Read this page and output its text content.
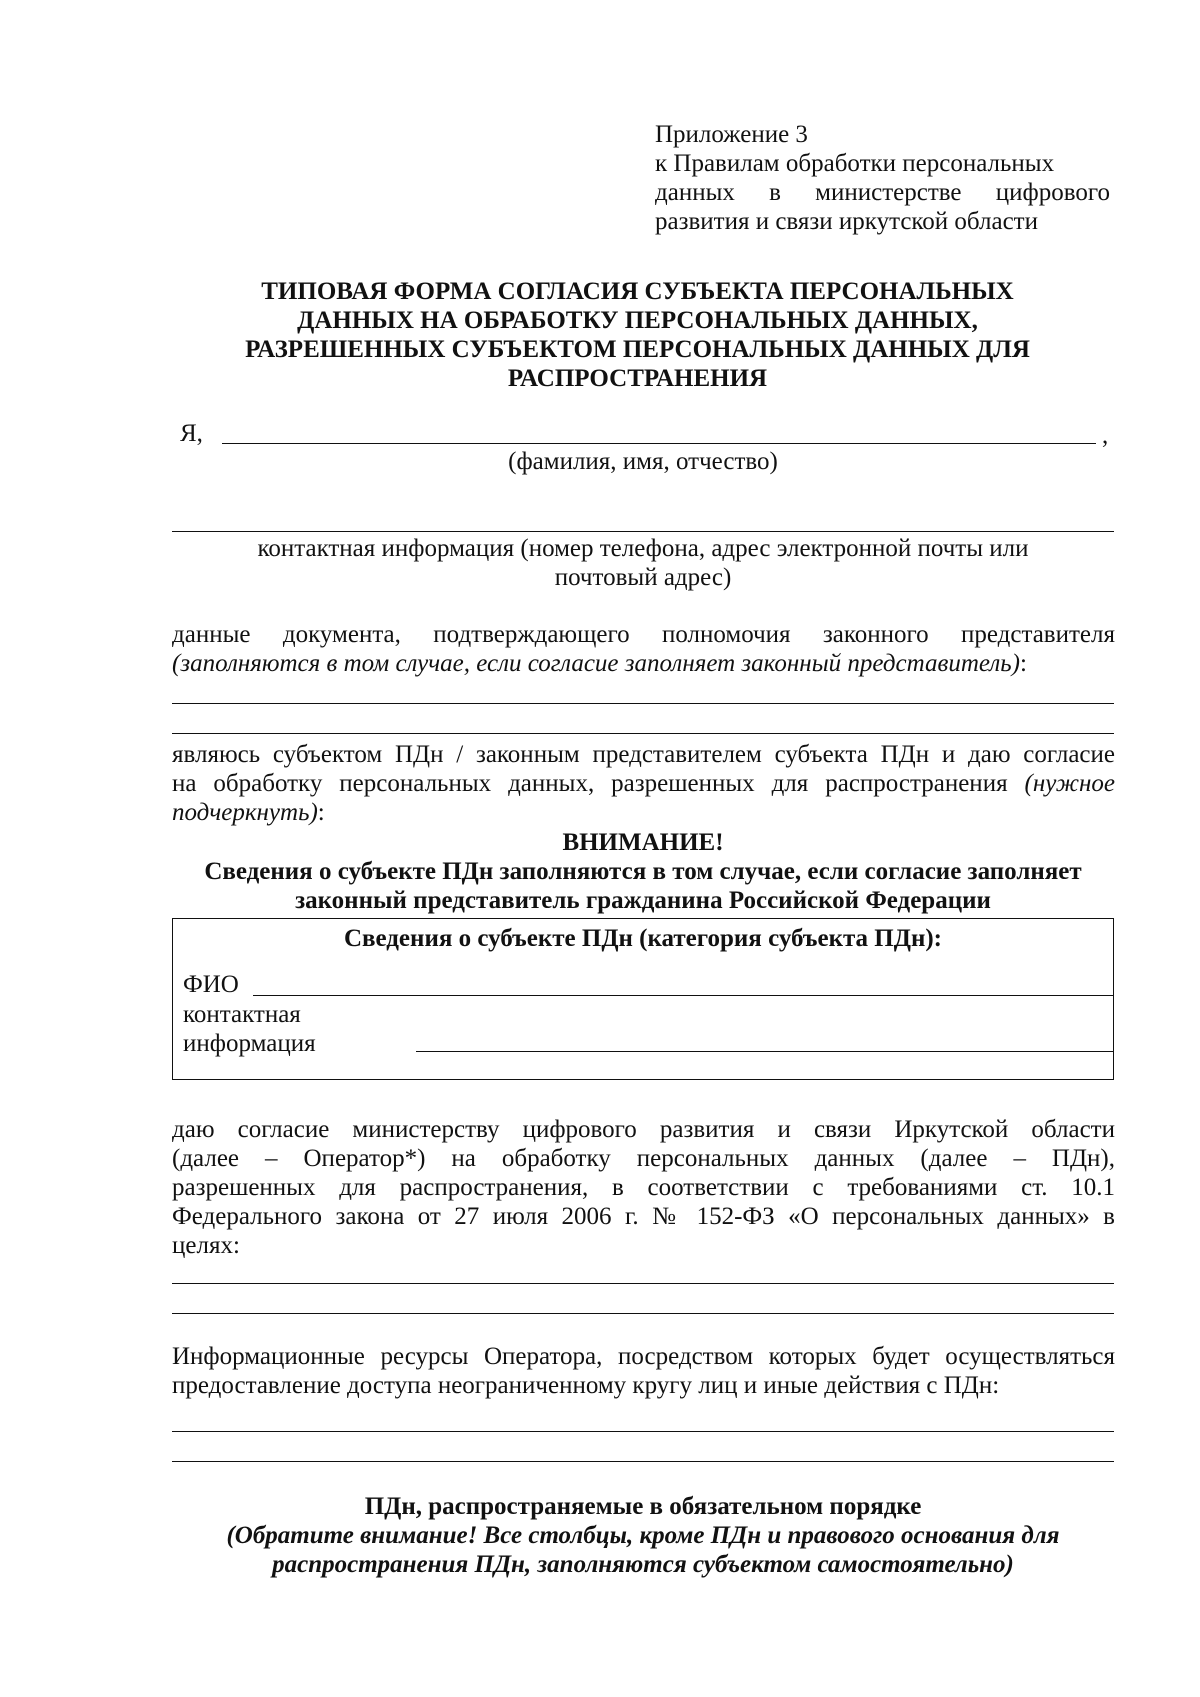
Приложение 3
к Правилам обработки персональных
данных в министерстве цифрового
развития и связи иркутской области
ТИПОВАЯ ФОРМА СОГЛАСИЯ СУБЪЕКТА ПЕРСОНАЛЬНЫХ
ДАННЫХ НА ОБРАБОТКУ ПЕРСОНАЛЬНЫХ ДАННЫХ,
РАЗРЕШЕННЫХ СУБЪЕКТОМ ПЕРСОНАЛЬНЫХ ДАННЫХ ДЛЯ
РАСПРОСТРАНЕНИЯ
Я,	,
(фамилия, имя, отчество)
контактная информация (номер телефона, адрес электронной почты или
почтовый адрес)
данные документа, подтверждающего полномочия законного представителя
(заполняются в том случае, если согласие заполняет законный представитель):
являюсь субъектом ПДн / законным представителем субъекта ПДн и даю согласие
на обработку персональных данных, разрешенных для распространения (нужное
подчеркнуть):
ВНИМАНИЕ!
Сведения о субъекте ПДн заполняются в том случае, если согласие заполняет
законный представитель гражданина Российской Федерации
Сведения о субъекте ПДн (категория субъекта ПДн):
ФИО
контактная
информация
даю согласие министерству цифрового развития и связи Иркутской области
(далее – Оператор*) на обработку персональных данных (далее – ПДн),
разрешенных для распространения, в соответствии с требованиями ст. 10.1
Федерального закона от 27 июля 2006 г. № 152-ФЗ «О персональных данных» в
целях:
Информационные ресурсы Оператора, посредством которых будет осуществляться
предоставление доступа неограниченному кругу лиц и иные действия с ПДн:
ПДн, распространяемые в обязательном порядке
(Обратите внимание! Все столбцы, кроме ПДн и правового основания для
распространения ПДн, заполняются субъектом самостоятельно)
